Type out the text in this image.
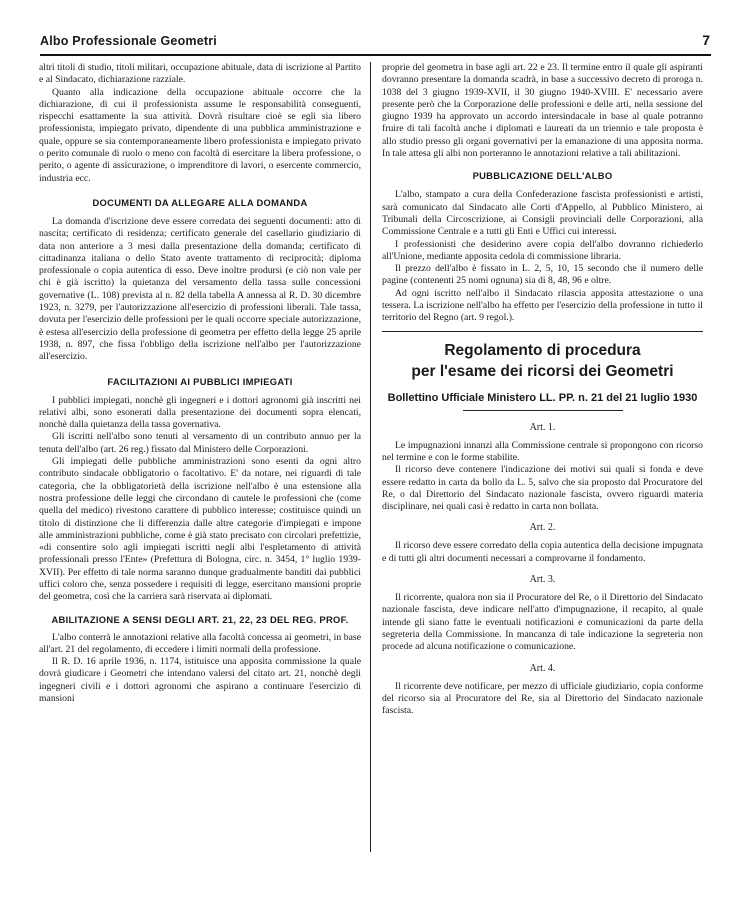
Albo Professionale Geometri	7

altri titoli di studio, titoli militari, occupazione abituale, data di iscrizione al Partito e al Sindacato, dichiarazione razziale.

Quanto alla indicazione della occupazione abituale occorre che la dichiarazione, di cui il professionista assume le responsabilità conseguenti, rispecchi esattamente la sua attività. Dovrà risultare cioè se egli sia libero professionista, impiegato privato, dipendente di una pubblica amministrazione e quale, oppure se sia contemporaneamente libero professionista e impiegato privato o perito comunale di ruolo o meno con facoltà di esercitare la libera professione, o perito, o agente di assicurazione, o imprenditore di lavori, o esercente commercio, industria ecc.

DOCUMENTI DA ALLEGARE ALLA DOMANDA

La domanda d'iscrizione deve essere corredata dei seguenti documenti: atto di nascita; certificato di residenza; certificato generale del casellario giudiziario di data non anteriore a 3 mesi dalla presentazione della domanda; certificato di cittadinanza italiana o dello Stato avente trattamento di reciprocità; diploma professionale o copia autentica di esso. Deve inoltre prodursi (e ciò non vale per chi è già iscritto) la quietanza del versamento della tassa sulle concessioni governative (L. 108) prevista al n. 82 della tabella A annessa al R. D. 30 dicembre 1923, n. 3279, per l'autorizzazione all'esercizio di professioni liberali. Tale tassa, dovuta per l'esercizio delle professioni per le quali occorre speciale autorizzazione, è estesa all'esercizio della professione di geometra per effetto della legge 25 aprile 1938, n. 897, che fissa l'obbligo della iscrizione nell'albo per l'autorizzazione all'esercizio.

FACILITAZIONI AI PUBBLICI IMPIEGATI

I pubblici impiegati, nonchè gli ingegneri e i dottori agronomi già inscritti nei relativi albi, sono esonerati dalla presentazione dei documenti sopra elencati, nonchè dalla quietanza della tassa governativa.

Gli iscritti nell'albo sono tenuti al versamento di un contributo annuo per la tenuta dell'albo (art. 26 reg.) fissato dal Ministero delle Corporazioni.

Gli impiegati delle pubbliche amministrazioni sono esenti da ogni altro contributo sindacale obbligatorio o facoltativo. E' da notare, nei riguardi di tale categoria, che la obbligatorietà della iscrizione nell'albo è una estensione alla nostra professione delle leggi che circondano di cautele le professioni che (come quella del medico) rivestono carattere di pubblico interesse; costituisce quindi un titolo di distinzione che li differenzia dalle altre categorie d'impiegati e impone alle amministrazioni pubbliche, come è già stato precisato con circolari prefettizie, «di consentire solo agli impiegati iscritti negli albi l'espletamento di attività professionali presso l'Ente» (Prefettura di Bologna, circ. n. 3454, 1° luglio 1939-XVII). Per effetto di tale norma saranno dunque gradualmente banditi dai pubblici uffici coloro che, senza possedere i requisiti di legge, esercitano mansioni proprie del geometra, così che la carriera sarà riservata ai diplomati.

ABILITAZIONE A SENSI DEGLI ART. 21, 22, 23 DEL REG. PROF.

L'albo conterrà le annotazioni relative alla facoltà concessa ai geometri, in base all'art. 21 del regolamento, di eccedere i limiti normali della professione.

Il R. D. 16 aprile 1936, n. 1174, istituisce una apposita commissione la quale dovrà giudicare i Geometri che intendano valersi del citato art. 21, nonchè degli ingegneri civili e i dottori agronomi che aspirano a continuare l'esercizio di mansioni

proprie del geometra in base agli art. 22 e 23. Il termine entro il quale gli aspiranti dovranno presentare la domanda scadrà, in base a successivo decreto di proroga n. 1038 del 3 giugno 1939-XVII, il 30 giugno 1940-XVIII. E' necessario avere presente però che la Corporazione delle professioni e delle arti, nella sessione del giugno 1939 ha approvato un accordo intersindacale in base al quale potranno fruire di tali facoltà anche i diplomati e laureati da un triennio e tale proposta è allo studio presso gli organi governativi per la emanazione di una apposita norma. In tale attesa gli albi non porteranno le annotazioni relative a tali abilitazioni.

PUBBLICAZIONE DELL'ALBO

L'albo, stampato a cura della Confederazione fascista professionisti e artisti, sarà comunicato dal Sindacato alle Corti d'Appello, al Pubblico Ministero, ai Tribunali della Circoscrizione, ai Consigli provinciali delle Corporazioni, alla Commissione Centrale e a tutti gli Enti e Uffici cui interessi.

I professionisti che desiderino avere copia dell'albo dovranno richiederlo all'Unione, mediante apposita cedola di commissione libraria.

Il prezzo dell'albo è fissato in L. 2, 5, 10, 15 secondo che il numero delle pagine (contenenti 25 nomi ognuna) sia di 8, 48, 96 e oltre.

Ad ogni iscritto nell'albo il Sindacato rilascia apposita attestazione o una tessera. La iscrizione nell'albo ha effetto per l'esercizio della professione in tutto il territorio del Regno (art. 9 regol.).

Regolamento di procedura
per l'esame dei ricorsi dei Geometri
Bollettino Ufficiale Ministero LL. PP. n. 21 del 21 luglio 1930
Art. 1.

Le impugnazioni innanzi alla Commissione centrale si propongono con ricorso nel termine e con le forme stabilite.

Il ricorso deve contenere l'indicazione dei motivi sui quali si fonda e deve essere redatto in carta da bollo da L. 5, salvo che sia proposto dal Procuratore del Re, o dal Direttorio del Sindacato nazionale fascista, ovvero riguardi materia disciplinare, nei quali casi è redatto in carta non bollata.

Art. 2.

Il ricorso deve essere corredato della copia autentica della decisione impugnata e di tutti gli altri documenti necessari a comprovarne il fondamento.

Art. 3.

Il ricorrente, qualora non sia il Procuratore del Re, o il Direttorio del Sindacato nazionale fascista, deve indicare nell'atto d'impugnazione, il recapito, al quale intende gli siano fatte le eventuali notificazioni e comunicazioni da parte della segreteria della Commissione. In mancanza di tale indicazione la segreteria non procede ad alcuna notificazione o comunicazione.

Art. 4.

Il ricorrente deve notificare, per mezzo di ufficiale giudiziario, copia conforme del ricorso sia al Procuratore del Re, sia al Direttorio del Sindacato nazionale fascista.
